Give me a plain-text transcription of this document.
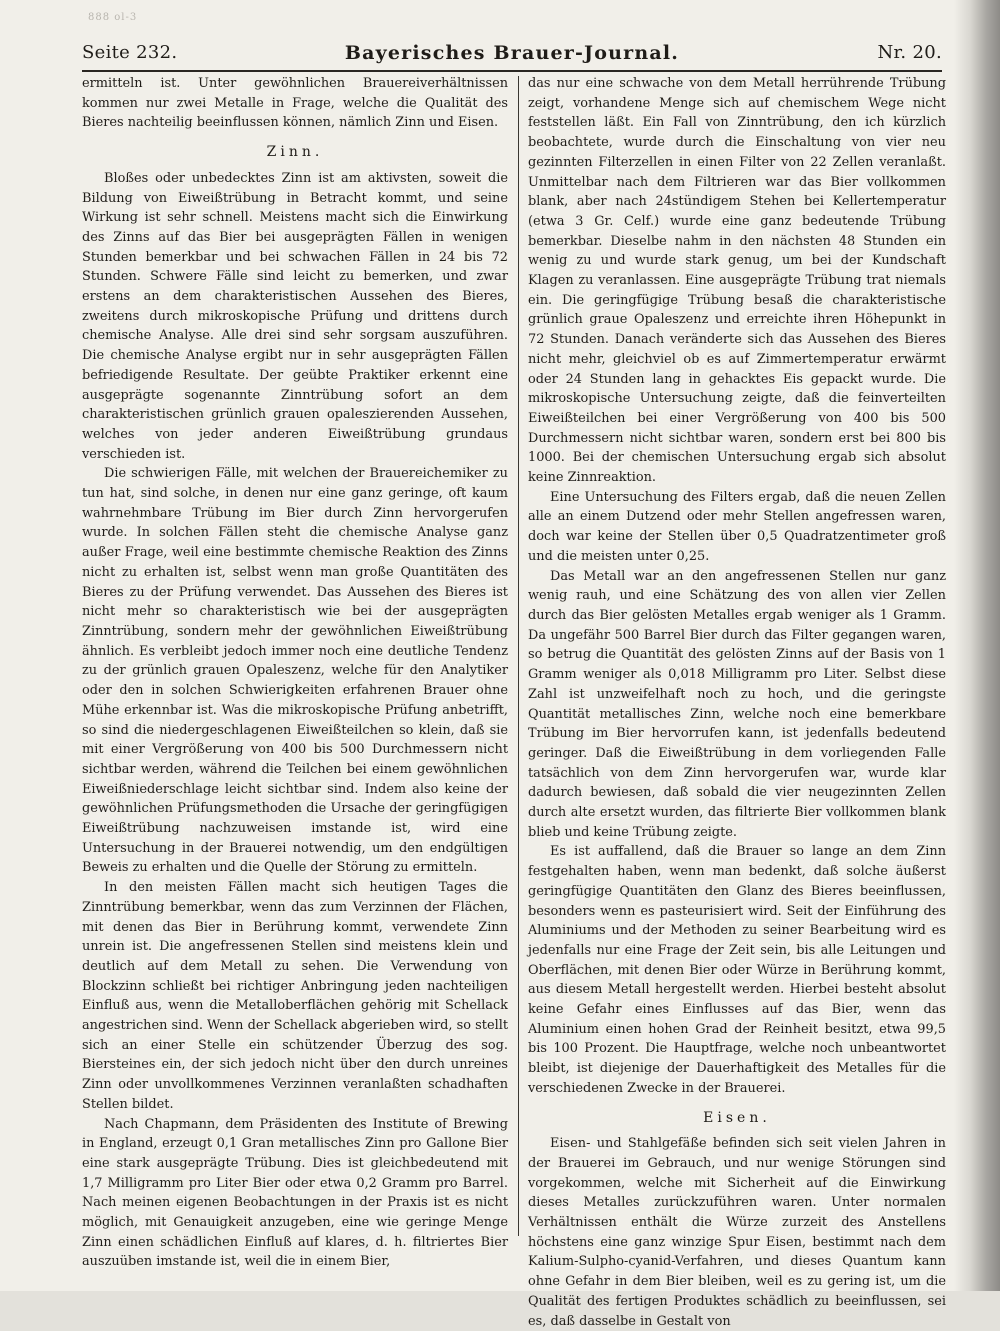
888 ol-3
Seite 232.	Bayerisches Brauer-Journal.	Nr. 20.

ermitteln ist. Unter gewöhnlichen Brauereiverhältnissen kommen nur zwei Metalle in Frage, welche die Qualität des Bieres nachteilig beeinflussen können, nämlich Zinn und Eisen.

Zinn.

Bloßes oder unbedecktes Zinn ist am aktivsten, soweit die Bildung von Eiweißtrübung in Betracht kommt, und seine Wirkung ist sehr schnell. Meistens macht sich die Einwirkung des Zinns auf das Bier bei ausgeprägten Fällen in wenigen Stunden bemerkbar und bei schwachen Fällen in 24 bis 72 Stunden. Schwere Fälle sind leicht zu bemerken, und zwar erstens an dem charakteristischen Aussehen des Bieres, zweitens durch mikroskopische Prüfung und drittens durch chemische Analyse. Alle drei sind sehr sorgsam auszuführen. Die chemische Analyse ergibt nur in sehr ausgeprägten Fällen befriedigende Resultate. Der geübte Praktiker erkennt eine ausgeprägte sogenannte Zinntrübung sofort an dem charakteristischen grünlich grauen opaleszierenden Aussehen, welches von jeder anderen Eiweißtrübung grundaus verschieden ist.

Die schwierigen Fälle, mit welchen der Brauereichemiker zu tun hat, sind solche, in denen nur eine ganz geringe, oft kaum wahrnehmbare Trübung im Bier durch Zinn hervorgerufen wurde. In solchen Fällen steht die chemische Analyse ganz außer Frage, weil eine bestimmte chemische Reaktion des Zinns nicht zu erhalten ist, selbst wenn man große Quantitäten des Bieres zu der Prüfung verwendet. Das Aussehen des Bieres ist nicht mehr so charakteristisch wie bei der ausgeprägten Zinntrübung, sondern mehr der gewöhnlichen Eiweißtrübung ähnlich. Es verbleibt jedoch immer noch eine deutliche Tendenz zu der grünlich grauen Opaleszenz, welche für den Analytiker oder den in solchen Schwierigkeiten erfahrenen Brauer ohne Mühe erkennbar ist. Was die mikroskopische Prüfung anbetrifft, so sind die niedergeschlagenen Eiweißteilchen so klein, daß sie mit einer Vergrößerung von 400 bis 500 Durchmessern nicht sichtbar werden, während die Teilchen bei einem gewöhnlichen Eiweißniederschlage leicht sichtbar sind. Indem also keine der gewöhnlichen Prüfungsmethoden die Ursache der geringfügigen Eiweißtrübung nachzuweisen imstande ist, wird eine Untersuchung in der Brauerei notwendig, um den endgültigen Beweis zu erhalten und die Quelle der Störung zu ermitteln.

In den meisten Fällen macht sich heutigen Tages die Zinntrübung bemerkbar, wenn das zum Verzinnen der Flächen, mit denen das Bier in Berührung kommt, verwendete Zinn unrein ist. Die angefressenen Stellen sind meistens klein und deutlich auf dem Metall zu sehen. Die Verwendung von Blockzinn schließt bei richtiger Anbringung jeden nachteiligen Einfluß aus, wenn die Metalloberflächen gehörig mit Schellack angestrichen sind. Wenn der Schellack abgerieben wird, so stellt sich an einer Stelle ein schützender Überzug des sog. Biersteines ein, der sich jedoch nicht über den durch unreines Zinn oder unvollkommenes Verzinnen veranlaßten schadhaften Stellen bildet.

Nach Chapmann, dem Präsidenten des Institute of Brewing in England, erzeugt 0,1 Gran metallisches Zinn pro Gallone Bier eine stark ausgeprägte Trübung. Dies ist gleichbedeutend mit 1,7 Milligramm pro Liter Bier oder etwa 0,2 Gramm pro Barrel. Nach meinen eigenen Beobachtungen in der Praxis ist es nicht möglich, mit Genauigkeit anzugeben, eine wie geringe Menge Zinn einen schädlichen Einfluß auf klares, d. h. filtriertes Bier auszuüben imstande ist, weil die in einem Bier,

das nur eine schwache von dem Metall herrührende Trübung zeigt, vorhandene Menge sich auf chemischem Wege nicht feststellen läßt. Ein Fall von Zinntrübung, den ich kürzlich beobachtete, wurde durch die Einschaltung von vier neu gezinnten Filterzellen in einen Filter von 22 Zellen veranlaßt. Unmittelbar nach dem Filtrieren war das Bier vollkommen blank, aber nach 24stündigem Stehen bei Kellertemperatur (etwa 3 Gr. Celf.) wurde eine ganz bedeutende Trübung bemerkbar. Dieselbe nahm in den nächsten 48 Stunden ein wenig zu und wurde stark genug, um bei der Kundschaft Klagen zu veranlassen. Eine ausgeprägte Trübung trat niemals ein. Die geringfügige Trübung besaß die charakteristische grünlich graue Opaleszenz und erreichte ihren Höhepunkt in 72 Stunden. Danach veränderte sich das Aussehen des Bieres nicht mehr, gleichviel ob es auf Zimmertemperatur erwärmt oder 24 Stunden lang in gehacktes Eis gepackt wurde. Die mikroskopische Untersuchung zeigte, daß die feinverteilten Eiweißteilchen bei einer Vergrößerung von 400 bis 500 Durchmessern nicht sichtbar waren, sondern erst bei 800 bis 1000. Bei der chemischen Untersuchung ergab sich absolut keine Zinnreaktion.

Eine Untersuchung des Filters ergab, daß die neuen Zellen alle an einem Dutzend oder mehr Stellen angefressen waren, doch war keine der Stellen über 0,5 Quadratzentimeter groß und die meisten unter 0,25.

Das Metall war an den angefressenen Stellen nur ganz wenig rauh, und eine Schätzung des von allen vier Zellen durch das Bier gelösten Metalles ergab weniger als 1 Gramm. Da ungefähr 500 Barrel Bier durch das Filter gegangen waren, so betrug die Quantität des gelösten Zinns auf der Basis von 1 Gramm weniger als 0,018 Milligramm pro Liter. Selbst diese Zahl ist unzweifelhaft noch zu hoch, und die geringste Quantität metallisches Zinn, welche noch eine bemerkbare Trübung im Bier hervorrufen kann, ist jedenfalls bedeutend geringer. Daß die Eiweißtrübung in dem vorliegenden Falle tatsächlich von dem Zinn hervorgerufen war, wurde klar dadurch bewiesen, daß sobald die vier neugezinnten Zellen durch alte ersetzt wurden, das filtrierte Bier vollkommen blank blieb und keine Trübung zeigte.

Es ist auffallend, daß die Brauer so lange an dem Zinn festgehalten haben, wenn man bedenkt, daß solche äußerst geringfügige Quantitäten den Glanz des Bieres beeinflussen, besonders wenn es pasteurisiert wird. Seit der Einführung des Aluminiums und der Methoden zu seiner Bearbeitung wird es jedenfalls nur eine Frage der Zeit sein, bis alle Leitungen und Oberflächen, mit denen Bier oder Würze in Berührung kommt, aus diesem Metall hergestellt werden. Hierbei besteht absolut keine Gefahr eines Einflusses auf das Bier, wenn das Aluminium einen hohen Grad der Reinheit besitzt, etwa 99,5 bis 100 Prozent. Die Hauptfrage, welche noch unbeantwortet bleibt, ist diejenige der Dauerhaftigkeit des Metalles für die verschiedenen Zwecke in der Brauerei.

Eisen.

Eisen- und Stahlgefäße befinden sich seit vielen Jahren in der Brauerei im Gebrauch, und nur wenige Störungen sind vorgekommen, welche mit Sicherheit auf die Einwirkung dieses Metalles zurückzuführen waren. Unter normalen Verhältnissen enthält die Würze zurzeit des Anstellens höchstens eine ganz winzige Spur Eisen, bestimmt nach dem Kalium-Sulpho-cyanid-Verfahren, und dieses Quantum kann ohne Gefahr in dem Bier bleiben, weil es zu gering ist, um die Qualität des fertigen Produktes schädlich zu beeinflussen, sei es, daß dasselbe in Gestalt von
